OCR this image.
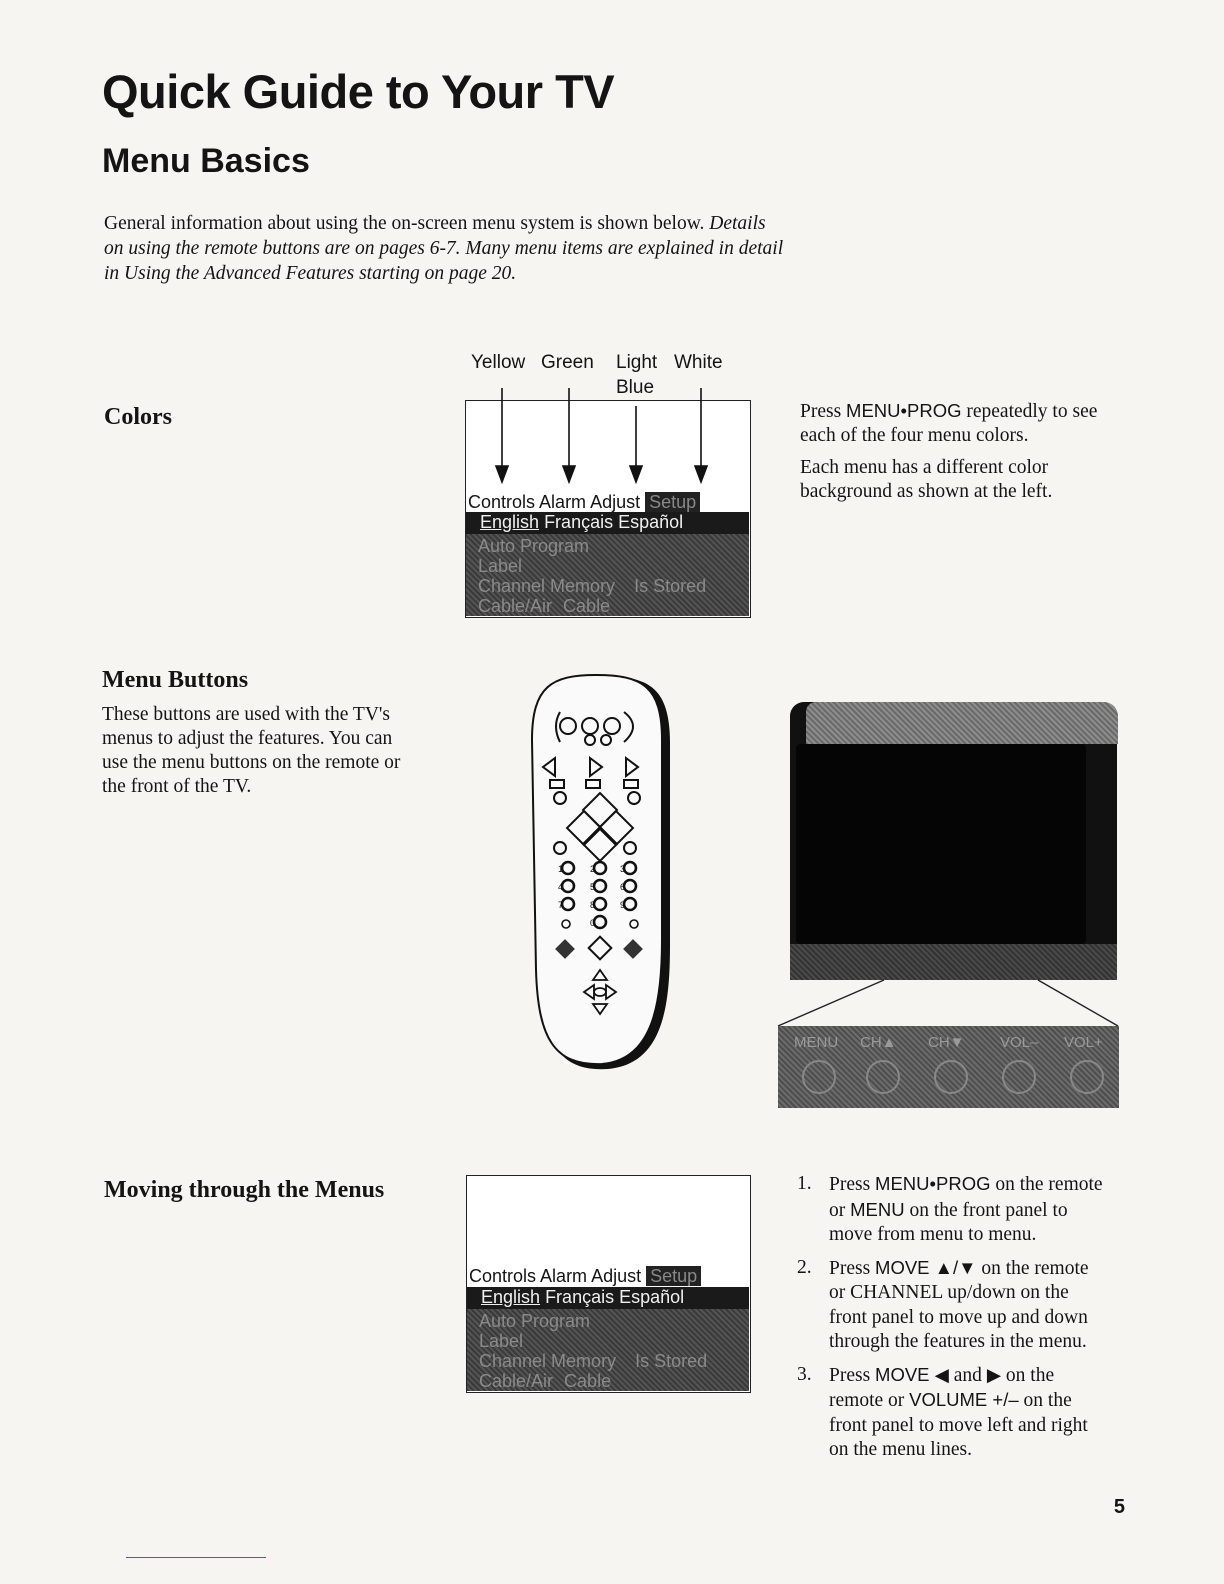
Quick Guide to Your TV
Menu Basics
General information about using the on-screen menu system is shown below. Details on using the remote buttons are on pages 6-7. Many menu items are explained in detail in Using the Advanced Features starting on page 20.
Colors
Yellow Green Light
Blue
White
Controls Alarm Adjust Setup
English Français Español
Auto Program
Label
Channel Memory Is Stored
Cable/Air Cable
Press MENU•PROG repeatedly to see each of the four menu colors.
Each menu has a different color background as shown at the left.
Menu Buttons
These buttons are used with the TV's menus to adjust the features. You can use the menu buttons on the remote or the front of the TV.
1	2	3
4	5	6
7	8	9
0
MENU CH▲ CH▼ VOL– VOL+
Moving through the Menus
Controls Alarm Adjust Setup
English Français Español
Auto Program
Label
Channel Memory Is Stored
Cable/Air Cable
1. Press MENU•PROG on the remote or MENU on the front panel to move from menu to menu.
2. Press MOVE ▲/▼ on the remote or CHANNEL up/down on the front panel to move up and down through the features in the menu.
3. Press MOVE ◀ and ▶ on the remote or VOLUME +/– on the front panel to move left and right on the menu lines.
5
